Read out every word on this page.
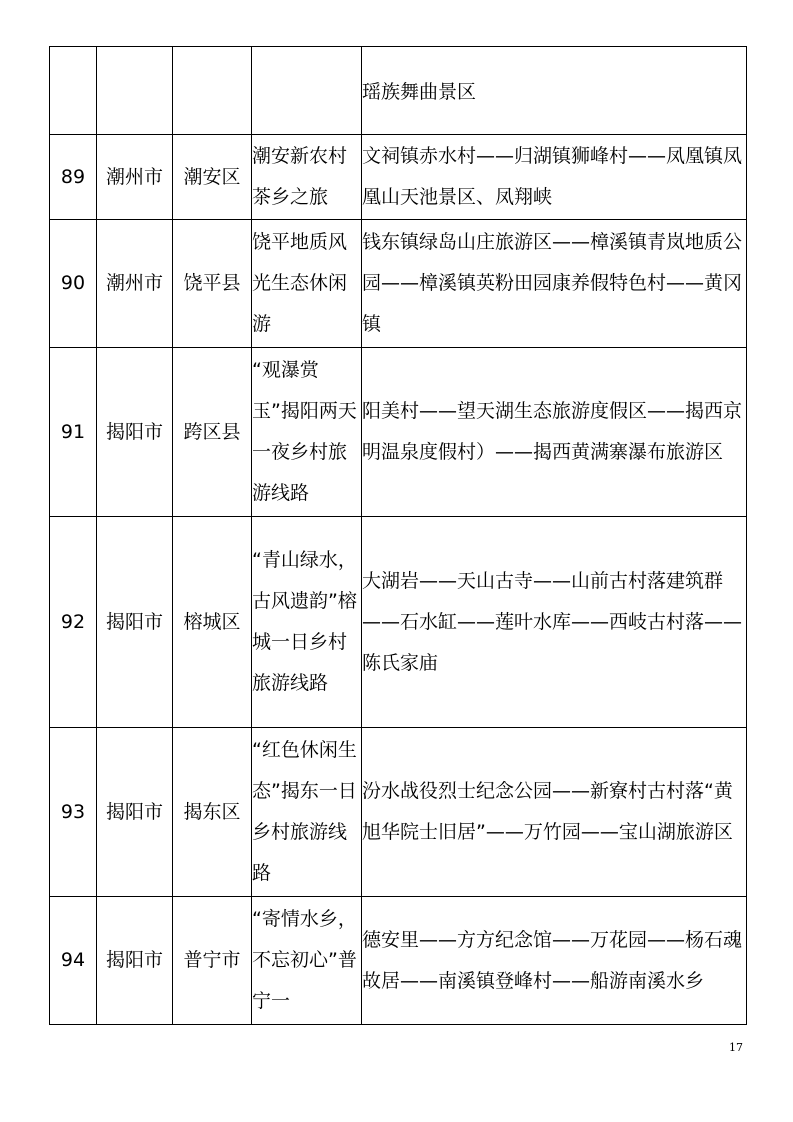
				瑶族舞曲景区

89	潮州市	潮安区	潮安新农村茶乡之旅	文祠镇赤水村——归湖镇狮峰村——凤凰镇凤凰山天池景区、凤翔峡

90	潮州市	饶平县	饶平地质风光生态休闲游	钱东镇绿岛山庄旅游区——樟溪镇青岚地质公园——樟溪镇英粉田园康养假特色村——黄冈镇

91	揭阳市	跨区县	“观瀑赏玉”揭阳两天一夜乡村旅游线路	阳美村——望天湖生态旅游度假区——揭西京明温泉度假村）——揭西黄满寨瀑布旅游区

92	揭阳市	榕城区	“青山绿水，古风遗韵”榕城一日乡村旅游线路	大湖岩——天山古寺——山前古村落建筑群——石水缸——莲叶水库——西岐古村落——陈氏家庙

93	揭阳市	揭东区	“红色休闲生态”揭东一日乡村旅游线路	汾水战役烈士纪念公园——新寮村古村落“黄旭华院士旧居”——万竹园——宝山湖旅游区

94	揭阳市	普宁市	“寄情水乡，不忘初心”普宁一	德安里——方方纪念馆——万花园——杨石魂故居——南溪镇登峰村——船游南溪水乡
17
